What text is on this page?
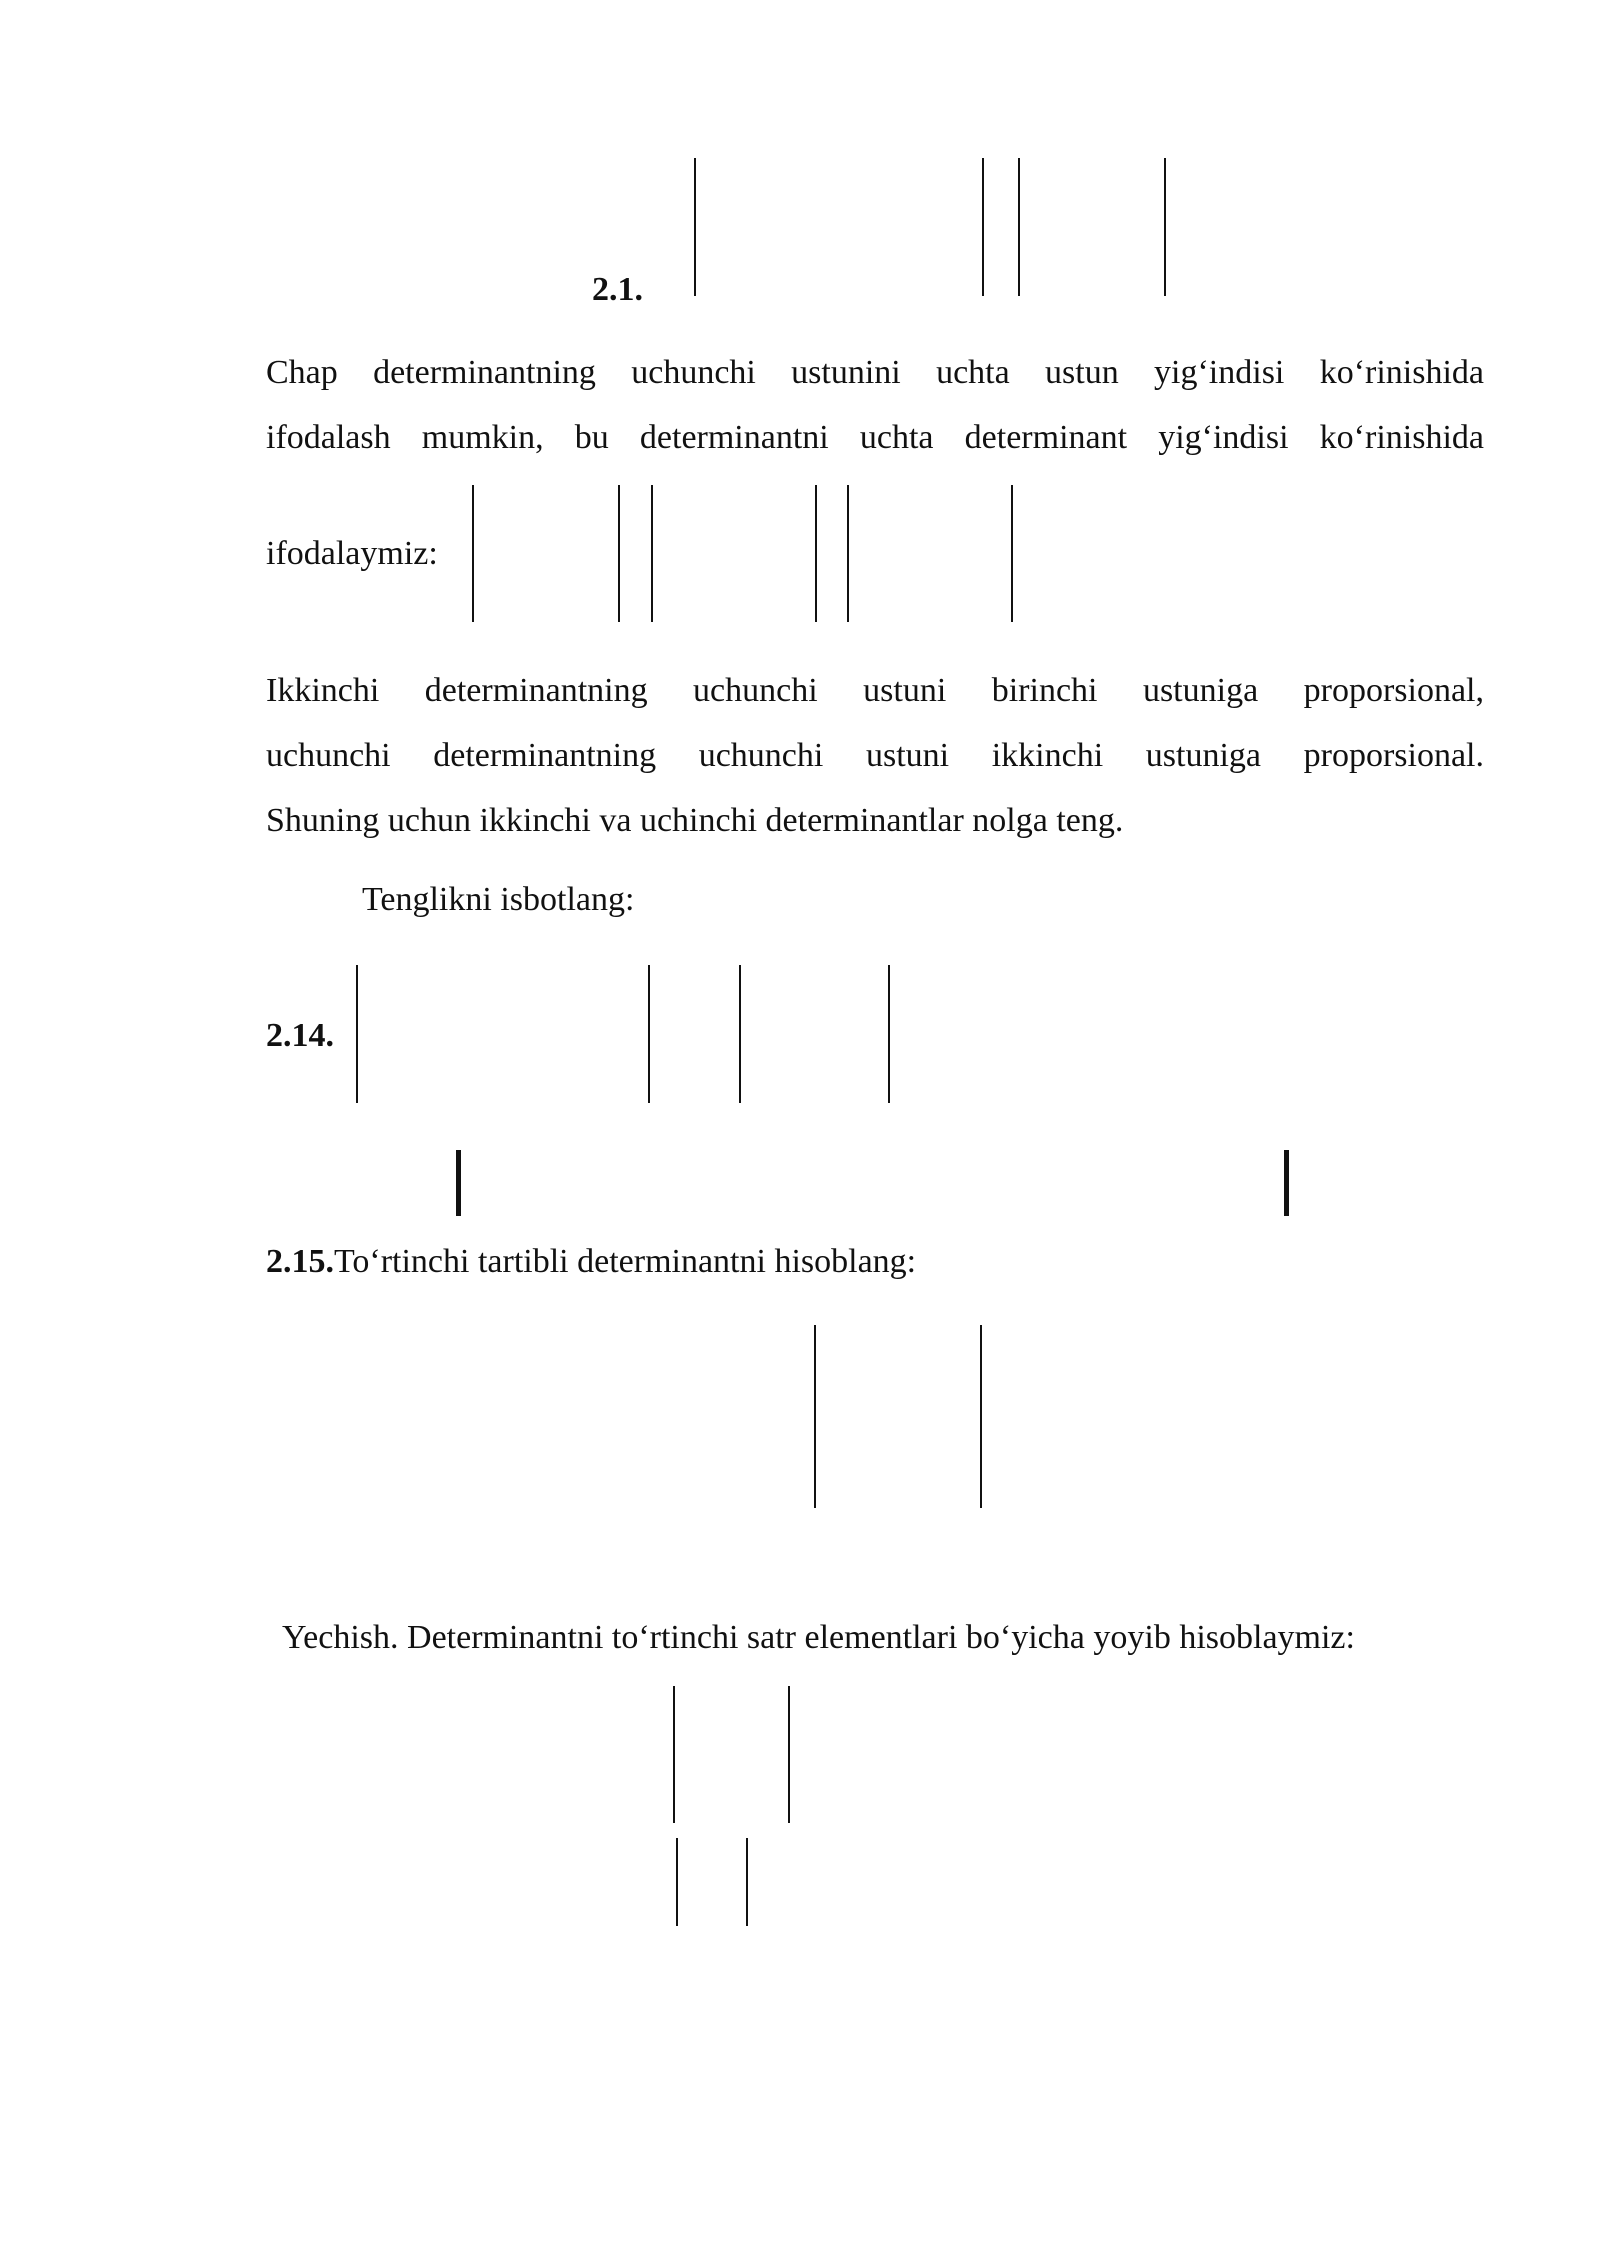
2.1.
Chap determinantning uchunchi ustunini uchta ustun yig‘indisi ko‘rinishida
ifodalash mumkin, bu determinantni uchta determinant yig‘indisi ko‘rinishida
ifodalaymiz:
Ikkinchi determinantning uchunchi ustuni birinchi ustuniga proporsional,
uchunchi determinantning uchunchi ustuni ikkinchi ustuniga proporsional.
Shuning uchun ikkinchi va uchinchi determinantlar nolga teng.
Tenglikni isbotlang:
2.14.
2.15.To‘rtinchi tartibli determinantni hisoblang:
Yechish. Determinantni to‘rtinchi satr elementlari bo‘yicha yoyib hisoblaymiz:
